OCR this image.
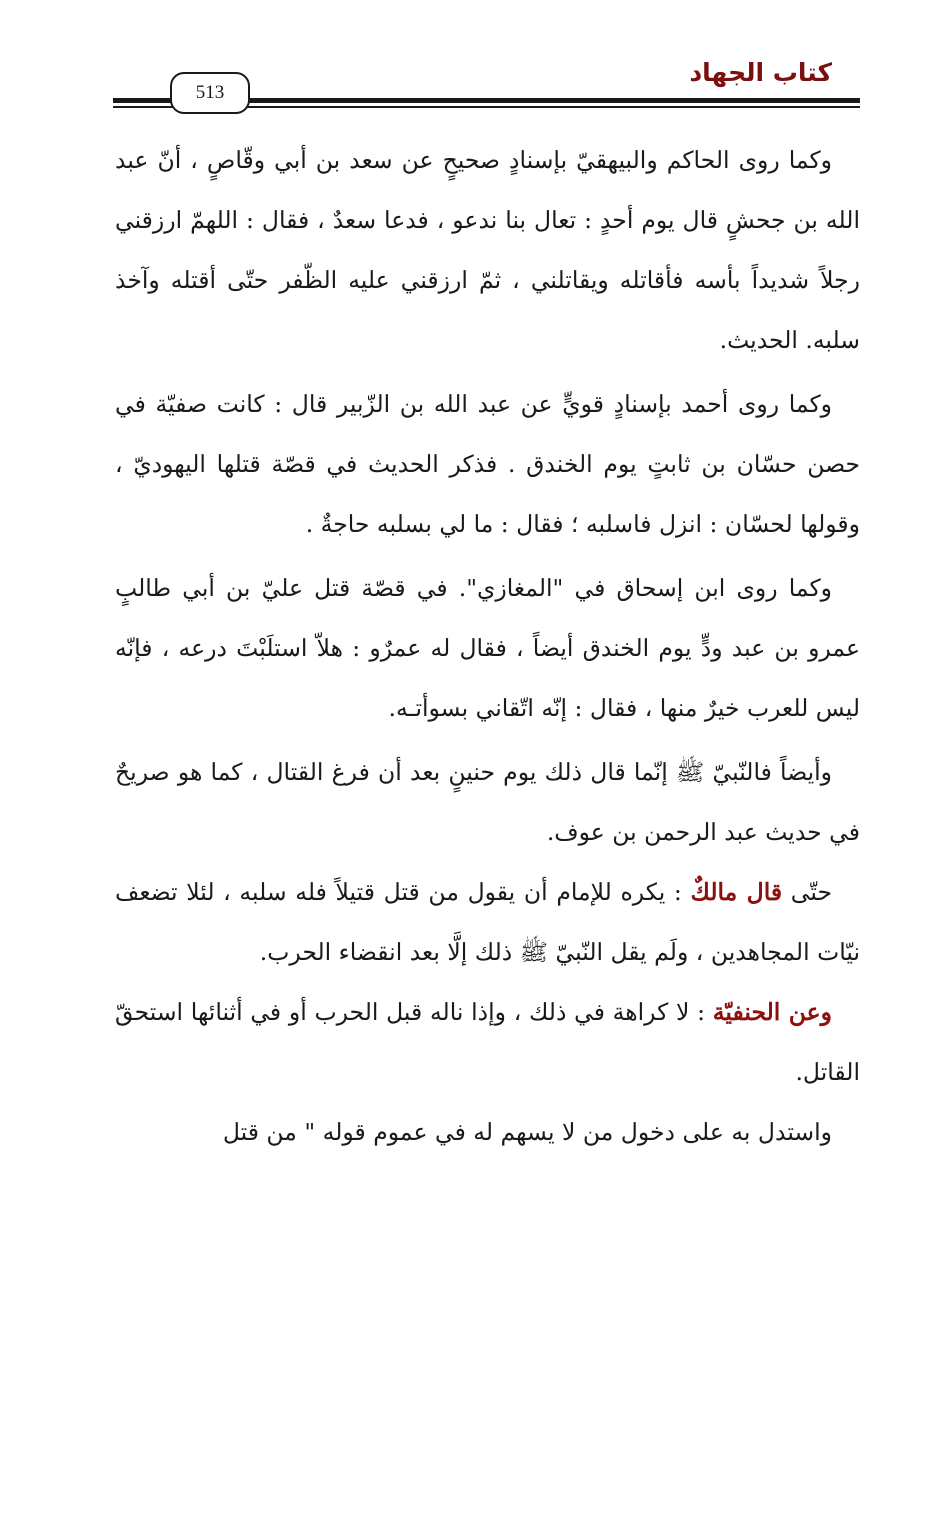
كتاب الجهاد
513

وكما روى الحاكم والبيهقيّ بإسنادٍ صحيحٍ عن سعد بن أبي وقّاصٍ ، أنّ عبد الله بن جحشٍ قال يوم أحدٍ : تعال بنا ندعو ، فدعا سعدٌ ، فقال : اللهمّ ارزقني رجلاً شديداً بأسه فأقاتله ويقاتلني ، ثمّ ارزقني عليه الظّفر حتّى أقتله وآخذ سلبه. الحديث.

وكما روى أحمد بإسنادٍ قويٍّ عن عبد الله بن الزّبير قال : كانت صفيّة في حصن حسّان بن ثابتٍ يوم الخندق . فذكر الحديث في قصّة قتلها اليهوديّ ، وقولها لحسّان : انزل فاسلبه ؛ فقال : ما لي بسلبه حاجةٌ .

وكما روى ابن إسحاق في "المغازي". في قصّة قتل عليّ بن أبي طالبٍ عمرو بن عبد ودٍّ يوم الخندق أيضاً ، فقال له عمرٌو : هلاّ استلَبْتَ درعه ، فإنّه ليس للعرب خيرٌ منها ، فقال : إنّه اتّقاني بسوأتـه.

وأيضاً فالنّبيّ ﷺ إنّما قال ذلك يوم حنينٍ بعد أن فرغ القتال ، كما هو صريحٌ في حديث عبد الرحمن بن عوف.

حتّى قال مالكٌ : يكره للإمام أن يقول من قتل قتيلاً فله سلبه ، لئلا تضعف نيّات المجاهدين ، ولَم يقل النّبيّ ﷺ ذلك إلَّا بعد انقضاء الحرب.

وعن الحنفيّة : لا كراهة في ذلك ، وإذا ناله قبل الحرب أو في أثنائها استحقّ القاتل.

واستدل به على دخول من لا يسهم له في عموم قوله " من قتل
